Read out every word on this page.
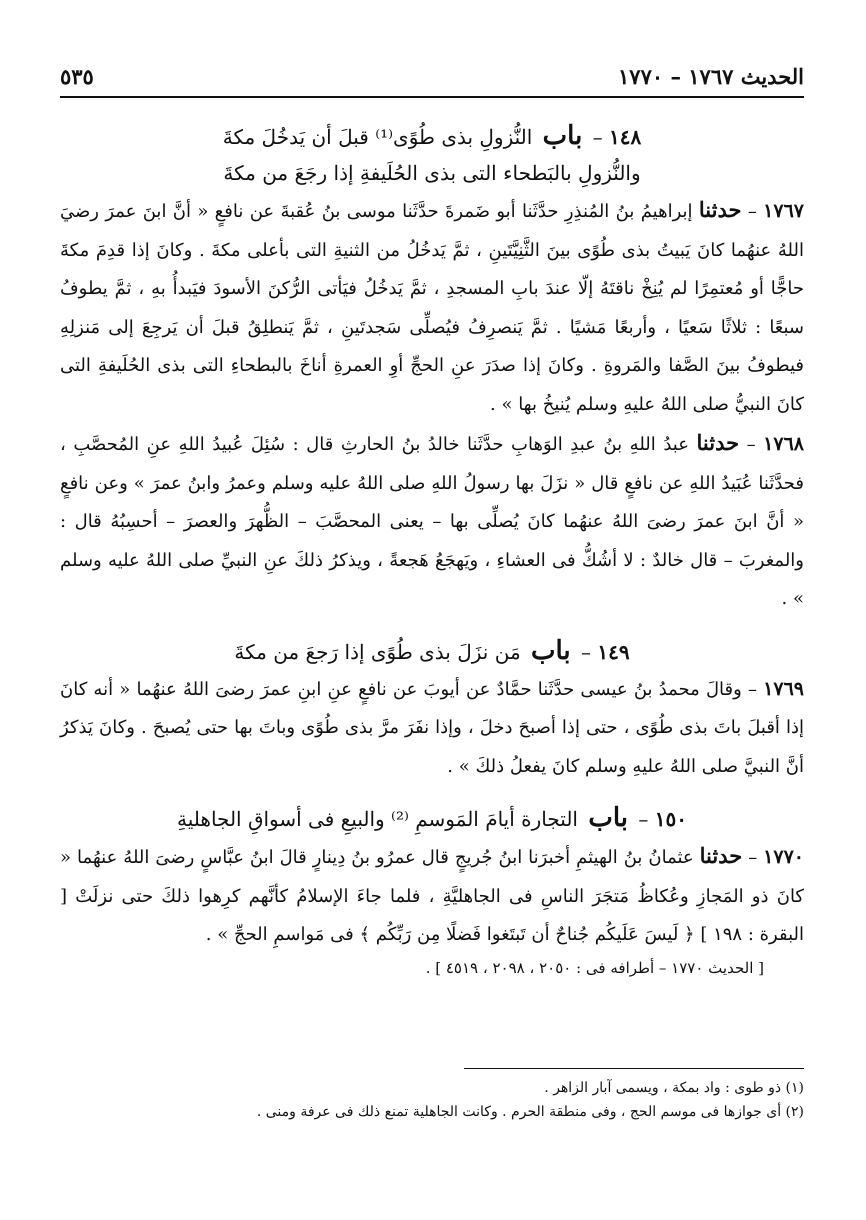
الحديث ١٧٦٧ – ١٧٧٠
٥٣٥

١٤٨ – باب النُّزولِ بذى طُوًى⁽¹⁾ قبلَ أن يَدخُلَ مكةَ

والنُّزولِ بالبَطحاء التى بذى الحُلَيفةِ إذا رجَعَ من مكةَ

١٧٦٧ – حدثنا إبراهيمُ بنُ المُنذِرِ حدَّثَنا أبو ضَمرةَ حدَّثَنا موسى بنُ عُقبةَ عن نافعٍ « أنَّ ابنَ عمرَ رضيَ اللهُ عنهُما كانَ يَبيتُ بذى طُوًى بينَ الثَّنِيَّتَينِ ، ثمَّ يَدخُلُ من الثنيةِ التى بأعلى مكةَ . وكانَ إذا قدِمَ مكةَ حاجًّا أو مُعتمِرًا لم يُنِخْ ناقتَهُ إلّا عندَ بابِ المسجدِ ، ثمَّ يَدخُلُ فيَأتى الرُّكنَ الأسودَ فيَبدأُ بهِ ، ثمَّ يطوفُ سبعًا : ثلاثًا سَعيًا ، وأربعًا مَشيًا . ثمَّ يَنصرِفُ فيُصلِّى سَجدتَينِ ، ثمَّ يَنطلِقُ قبلَ أن يَرجِعَ إلى مَنزلِهِ فيطوفُ بينَ الصَّفا والمَروةِ . وكانَ إذا صدَرَ عنِ الحجِّ أوِ العمرةِ أناخَ بالبطحاءِ التى بذى الحُلَيفةِ التى كانَ النبيُّ صلى اللهُ عليهِ وسلم يُنيخُ بها » .

١٧٦٨ – حدثنا عبدُ اللهِ بنُ عبدِ الوَهابِ حدَّثَنا خالدُ بنُ الحارثِ قال : سُئِلَ عُبيدُ اللهِ عنِ المُحصَّبِ ، فحدَّثَنا عُبَيدُ اللهِ عن نافعٍ قال « نزَلَ بها رسولُ اللهِ صلى اللهُ عليه وسلم وعمرُ وابنُ عمرَ » وعن نافعٍ « أنَّ ابنَ عمرَ رضىَ اللهُ عنهُما كانَ يُصلِّى بها – يعنى المحصَّبَ – الظُّهرَ والعصرَ – أحسِبُهُ قال : والمغربَ – قال خالدٌ : لا أشُكُّ فى العشاءِ ، ويَهجَعُ هَجعةً ، ويذكرُ ذلكَ عنِ النبيِّ صلى اللهُ عليه وسلم » .

١٤٩ – باب مَن نزَلَ بذى طُوًى إذا رَجعَ من مكةَ

١٧٦٩ – وقالَ محمدُ بنُ عيسى حدَّثَنا حمَّادٌ عن أيوبَ عن نافعٍ عنِ ابنِ عمرَ رضىَ اللهُ عنهُما « أنه كانَ إذا أقبلَ باتَ بذى طُوًى ، حتى إذا أصبحَ دخلَ ، وإذا نفَرَ مرَّ بذى طُوًى وباتَ بها حتى يُصبحَ . وكانَ يَذكرُ أنَّ النبيَّ صلى اللهُ عليهِ وسلم كانَ يفعلُ ذلكَ » .

١٥٠ – باب التجارة أيامَ المَوسمِ ⁽²⁾ والبيعِ فى أسواقِ الجاهليةِ

١٧٧٠ – حدثنا عثمانُ بنُ الهيثمِ أخبرَنا ابنُ جُريجٍ قال عمرُو بنُ دِينارٍ قالَ ابنُ عبَّاسٍ رضىَ اللهُ عنهُما « كانَ ذو المَجازِ وعُكاظُ مَتجَرَ الناسِ فى الجاهليَّةِ ، فلما جاءَ الإسلامُ كأنَّهم كرِهوا ذلكَ حتى نزلَتْ [ البقرة : ١٩٨ ] ﴿ لَيسَ عَلَيكُم جُناحٌ أن تَبتَغوا فَضلًا مِن رَبِّكُم ﴾ فى مَواسمِ الحجِّ » .

[ الحديث ١٧٧٠ – أطرافه فى : ٢٠٥٠ ، ٢٠٩٨ ، ٤٥١٩ ] .

(١) ذو طوى : واد بمكة ، ويسمى آبار الزاهر .

(٢) أى جوازها فى موسم الحج ، وفى منطقة الحرم . وكانت الجاهلية تمنع ذلك فى عرفة ومنى .
